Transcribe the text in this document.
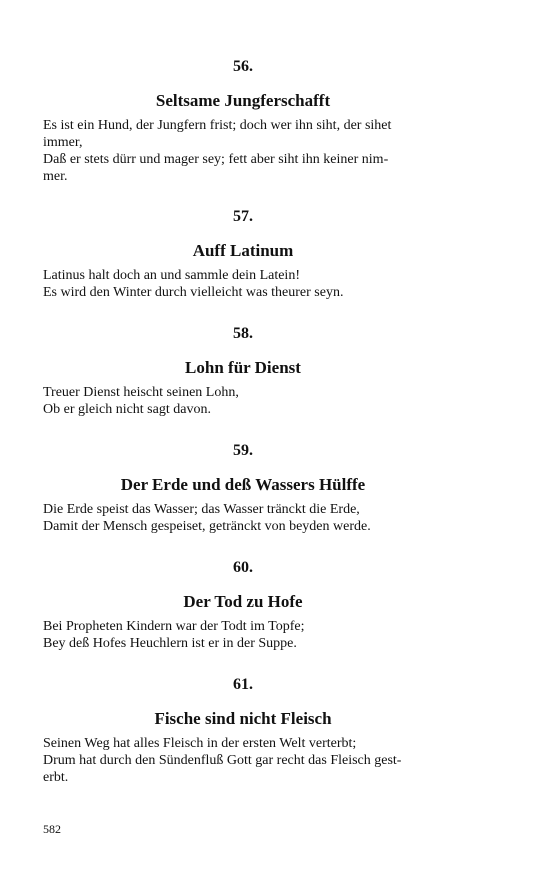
56.
Seltsame Jungferschafft
Es ist ein Hund, der Jungfern frist; doch wer ihn siht, der sihet
immer,
Daß er stets dürr und mager sey; fett aber siht ihn keiner nim-
mer.
57.
Auff Latinum
Latinus halt doch an und sammle dein Latein!
Es wird den Winter durch vielleicht was theurer seyn.
58.
Lohn für Dienst
Treuer Dienst heischt seinen Lohn,
Ob er gleich nicht sagt davon.
59.
Der Erde und deß Wassers Hülffe
Die Erde speist das Wasser; das Wasser tränckt die Erde,
Damit der Mensch gespeiset, getränckt von beyden werde.
60.
Der Tod zu Hofe
Bei Propheten Kindern war der Todt im Topfe;
Bey deß Hofes Heuchlern ist er in der Suppe.
61.
Fische sind nicht Fleisch
Seinen Weg hat alles Fleisch in der ersten Welt verterbt;
Drum hat durch den Sündenfluß Gott gar recht das Fleisch gest-
erbt.
582
